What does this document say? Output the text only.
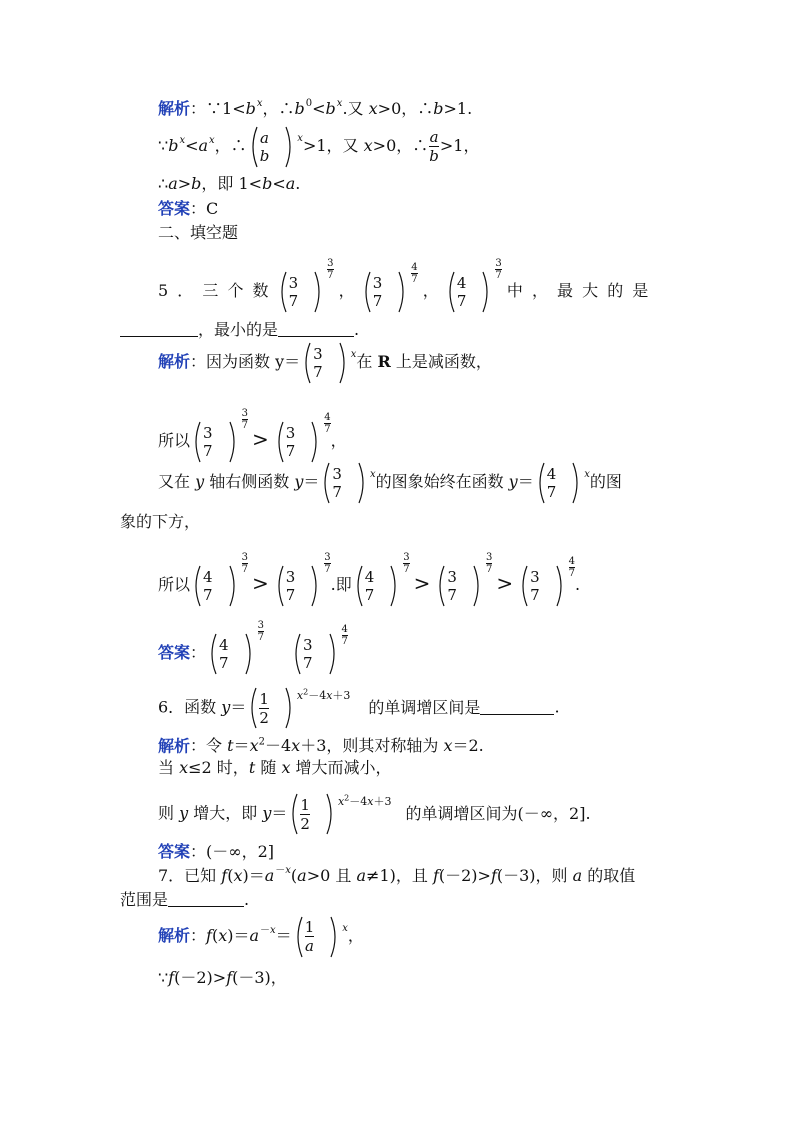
解析：$\because 1<b^x$，$\therefore b^0<b^x$.又 x>0，∴b>1.
$\because b^x<a^x$，∴ a
b
$^x$>1，又 x>0，∴ $\frac{a}{b} >1$，
∴a>b，即 1<b<a.
答案：C
二、填空题
5 ． 三 个 数 3
7
$\frac{3}{7}$
， 3
7
$\frac{4}{7}$
， 4
7
$\frac{3}{7}$
中 ， 最 大 的 是
，最小的是	.
解析：因为函数 y＝ 3
7
$^x$在 R 上是减函数，
所以 3
7
$\frac{3}{7}$
> 3
7
$\frac{4}{7}$
，
又在 y 轴右侧函数 y＝ 3
7
$^x$的图象始终在函数 y＝ 4
7
$^x$的图
象的下方，
所以 4
7
$\frac{3}{7}$
> 3
7
$\frac{3}{7}$
.即 4
7
$\frac{3}{7}$
> 3
7
$\frac{3}{7}$
> 3
7
$\frac{4}{7}$
.
答案： 4
7
$\frac{3}{7}$
3
7
$\frac{4}{7}$
6．函数 $y= \frac{1}{2}$	$^{x^2-4x+3}$的单调增区间是	.
解析：令 $t=x^2-4x+3$，则其对称轴为 x＝2.
当 x≤2 时，t 随 x 增大而减小，
则 y 增大，即 $y= \frac{1}{2}$	$^{x^2-4x+3}$的单调增区间为(－∞，2].
答案：(－∞，2]
7．已知 $f(x)=a^{-x}(a>0$ 且 a≠1)，且 f(－2)>f(－3)，则 a 的取值
范围是	.
解析：$f(x)=a^{-x}= \frac{1}{a}$	$^x$，
∵f(－2)>f(－3)，
